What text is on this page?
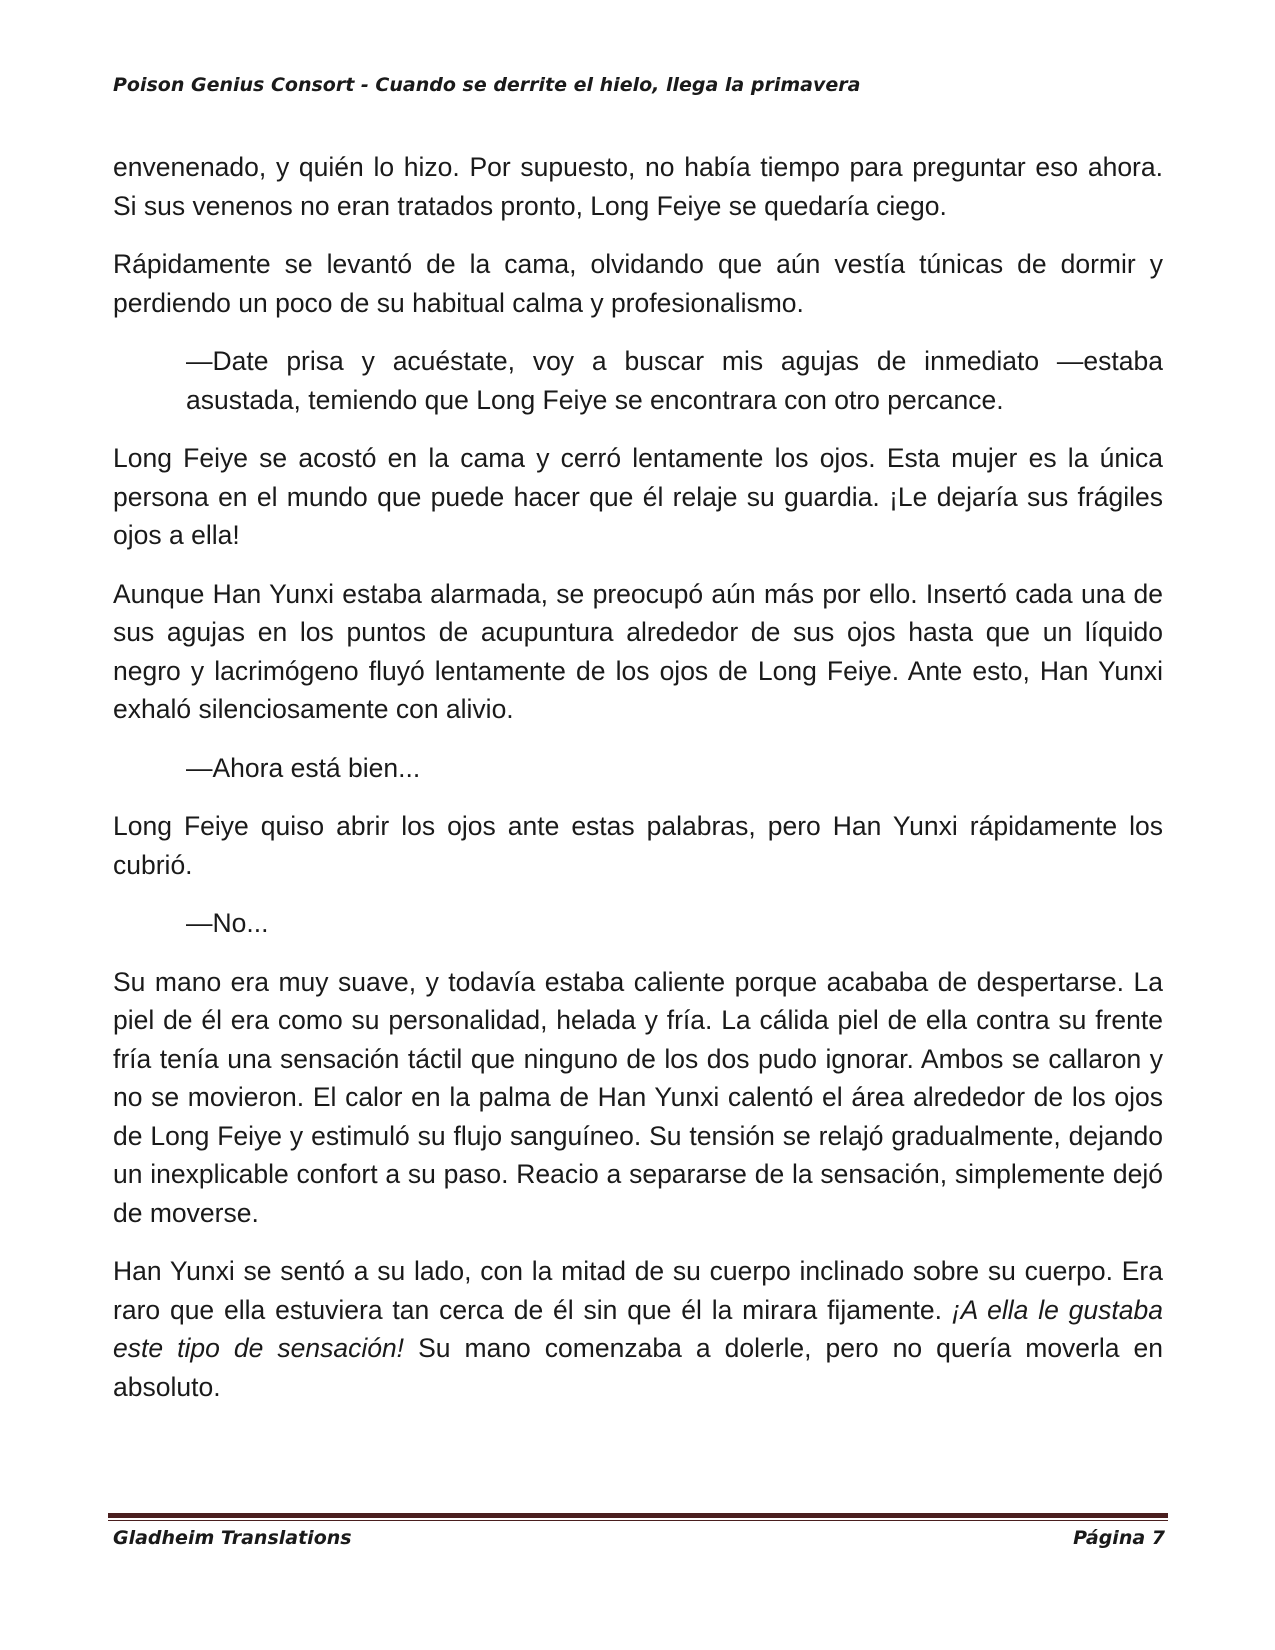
Poison Genius Consort - Cuando se derrite el hielo, llega la primavera

envenenado, y quién lo hizo. Por supuesto, no había tiempo para preguntar eso ahora. Si sus venenos no eran tratados pronto, Long Feiye se quedaría ciego.

Rápidamente se levantó de la cama, olvidando que aún vestía túnicas de dormir y perdiendo un poco de su habitual calma y profesionalismo.

—Date prisa y acuéstate, voy a buscar mis agujas de inmediato —estaba asustada, temiendo que Long Feiye se encontrara con otro percance.

Long Feiye se acostó en la cama y cerró lentamente los ojos. Esta mujer es la única persona en el mundo que puede hacer que él relaje su guardia. ¡Le dejaría sus frágiles ojos a ella!

Aunque Han Yunxi estaba alarmada, se preocupó aún más por ello. Insertó cada una de sus agujas en los puntos de acupuntura alrededor de sus ojos hasta que un líquido negro y lacrimógeno fluyó lentamente de los ojos de Long Feiye. Ante esto, Han Yunxi exhaló silenciosamente con alivio.

—Ahora está bien...

Long Feiye quiso abrir los ojos ante estas palabras, pero Han Yunxi rápidamente los cubrió.

—No...

Su mano era muy suave, y todavía estaba caliente porque acababa de despertarse. La piel de él era como su personalidad, helada y fría. La cálida piel de ella contra su frente fría tenía una sensación táctil que ninguno de los dos pudo ignorar. Ambos se callaron y no se movieron. El calor en la palma de Han Yunxi calentó el área alrededor de los ojos de Long Feiye y estimuló su flujo sanguíneo. Su tensión se relajó gradualmente, dejando un inexplicable confort a su paso. Reacio a separarse de la sensación, simplemente dejó de moverse.

Han Yunxi se sentó a su lado, con la mitad de su cuerpo inclinado sobre su cuerpo. Era raro que ella estuviera tan cerca de él sin que él la mirara fijamente. ¡A ella le gustaba este tipo de sensación! Su mano comenzaba a dolerle, pero no quería moverla en absoluto.

Gladheim Translations	Página 7
